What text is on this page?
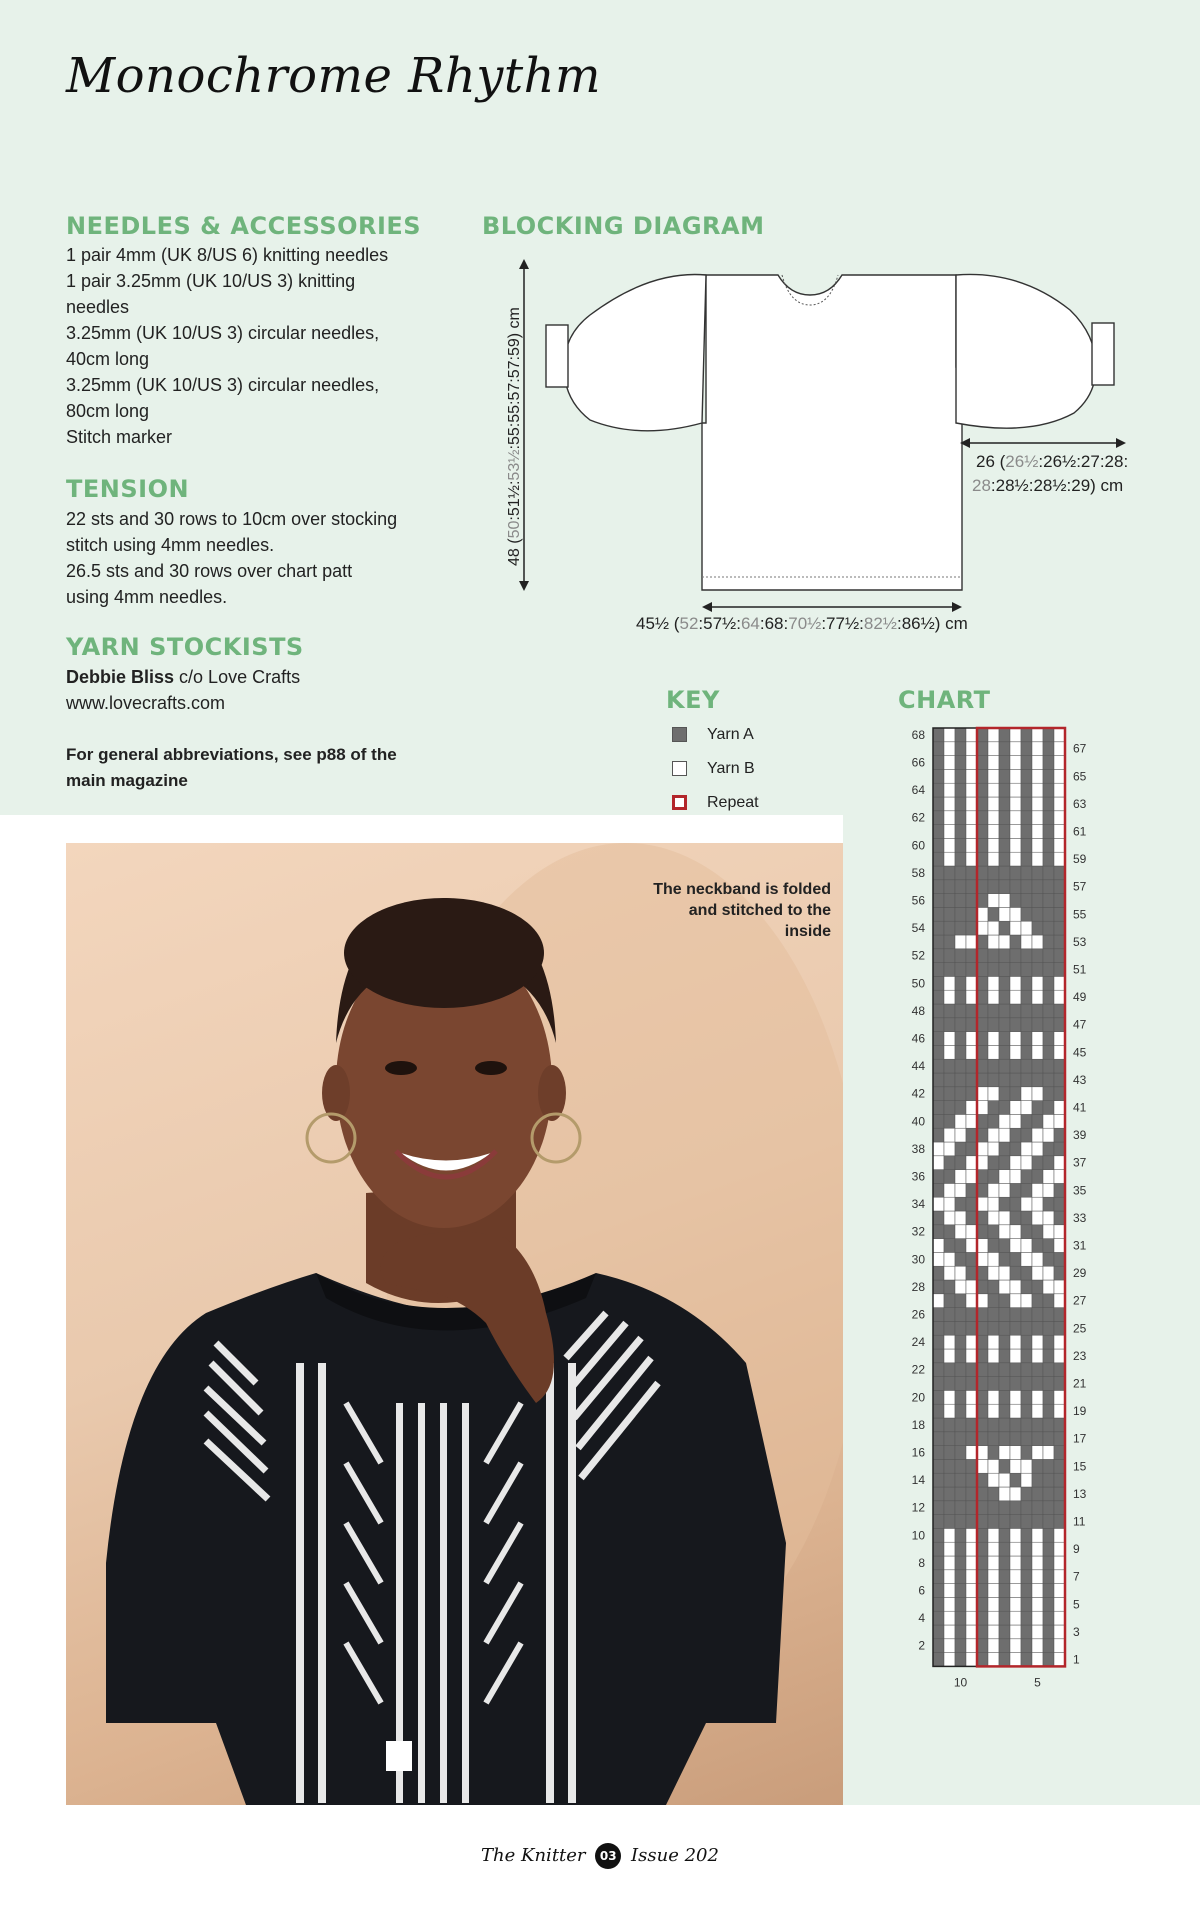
Monochrome Rhythm
NEEDLES & ACCESSORIES
1 pair 4mm (UK 8/US 6) knitting needles
1 pair 3.25mm (UK 10/US 3) knitting
needles
3.25mm (UK 10/US 3) circular needles,
40cm long
3.25mm (UK 10/US 3) circular needles,
80cm long
Stitch marker
TENSION
22 sts and 30 rows to 10cm over stocking
stitch using 4mm needles.
26.5 sts and 30 rows over chart patt
using 4mm needles.
YARN STOCKISTS
Debbie Bliss c/o Love Crafts
www.lovecrafts.com
For general abbreviations, see p88 of the
main magazine
BLOCKING DIAGRAM
48 (50:51½:53½:55:55:57:57:59) cm
26 (26½:26½:27:28:
28:28½:28½:29) cm
45½ (52:57½:64:68:70½:77½:82½:86½) cm
KEY
Yarn A
Yarn B
Repeat
CHART
1
2
3
4
5
6
7
8
9
10
11
12
13
14
15
16
17
18
19
20
21
22
23
24
25
26
27
28
29
30
31
32
33
34
35
36
37
38
39
40
41
42
43
44
45
46
47
48
49
50
51
52
53
54
55
56
57
58
59
60
61
62
63
64
65
66
67
68
10	5
The neckband is folded and stitched to the inside
The Knitter 03 Issue 202
